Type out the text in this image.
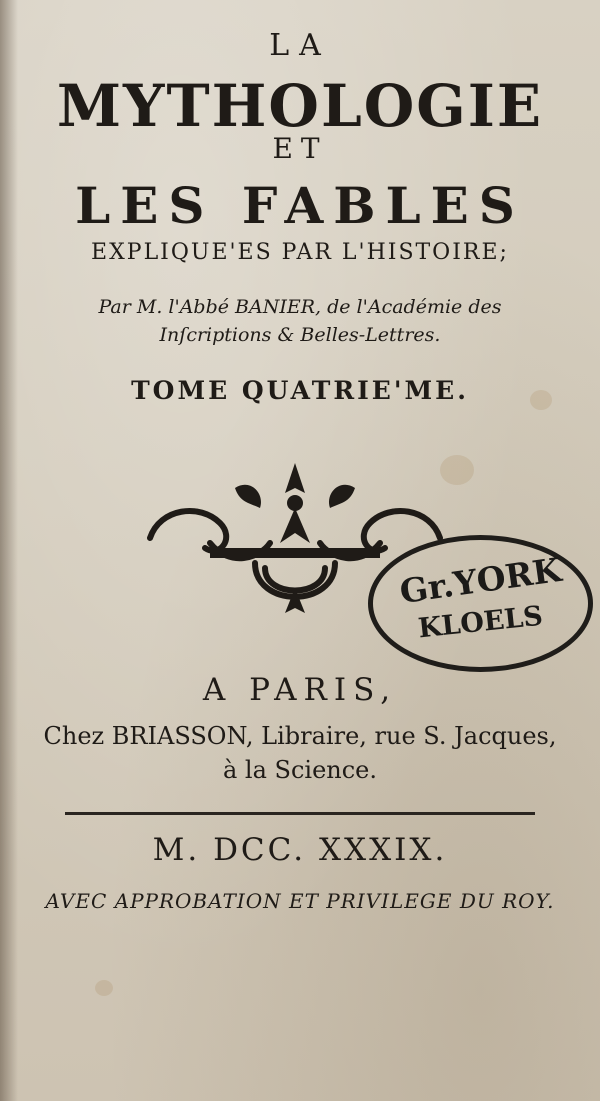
LA
MYTHOLOGIE
ET
LES FABLES
EXPLIQUE'ES PAR L'HISTOIRE;
Par M. l'Abbé BANIER, de l'Académie des
Inſcriptions & Belles-Lettres.
TOME QUATRIE'ME.
Gr.YORK
KLOELS
A PARIS,
Chez BRIASSON, Libraire, rue S. Jacques,
à la Science.
M. DCC. XXXIX.
AVEC APPROBATION ET PRIVILEGE DU ROY.
